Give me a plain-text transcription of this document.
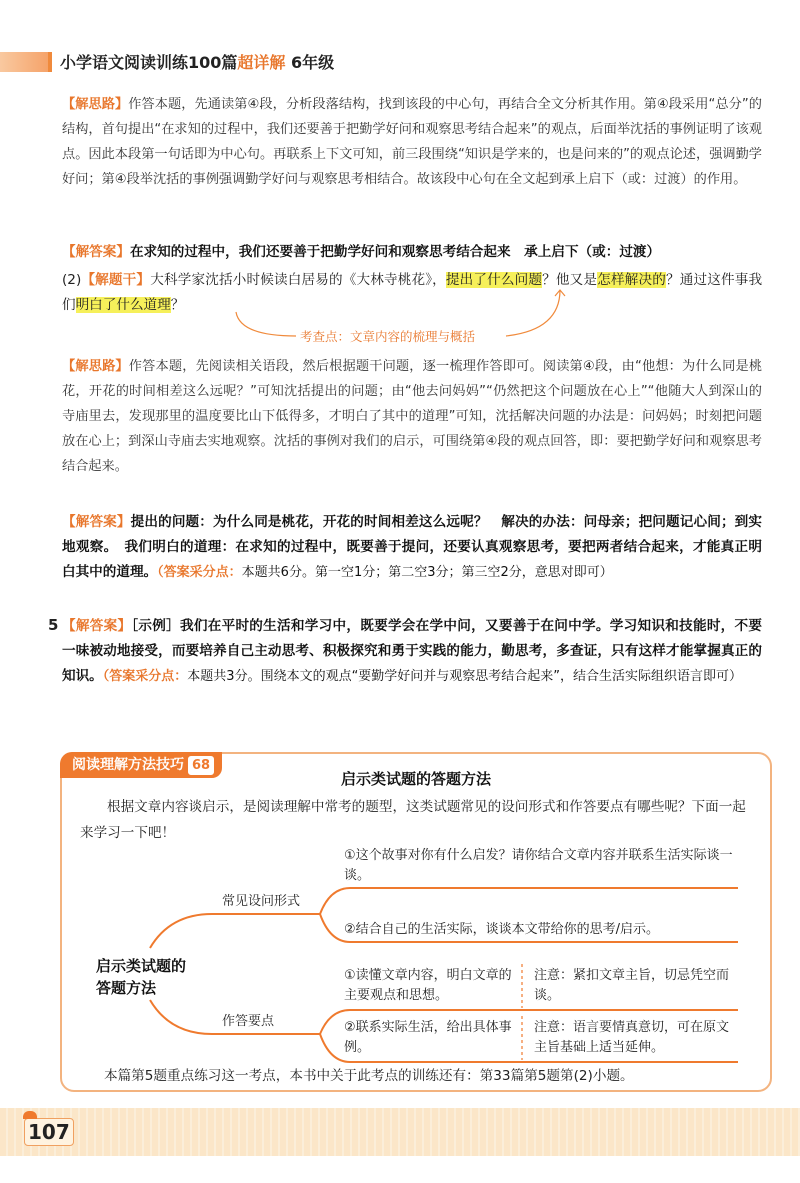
小学语文阅读训练100篇超详解 6年级
【解思路】作答本题，先通读第④段，分析段落结构，找到该段的中心句，再结合全文分析其作用。第④段采用“总分”的结构，首句提出“在求知的过程中，我们还要善于把勤学好问和观察思考结合起来”的观点，后面举沈括的事例证明了该观点。因此本段第一句话即为中心句。再联系上下文可知，前三段围绕“知识是学来的，也是问来的”的观点论述，强调勤学好问；第④段举沈括的事例强调勤学好问与观察思考相结合。故该段中心句在全文起到承上启下（或：过渡）的作用。
【解答案】在求知的过程中，我们还要善于把勤学好问和观察思考结合起来　承上启下（或：过渡）
(2)【解题干】大科学家沈括小时候读白居易的《大林寺桃花》，提出了什么问题？他又是怎样解决的？通过这件事我们明白了什么道理？
考查点：文章内容的梳理与概括
【解思路】作答本题，先阅读相关语段，然后根据题干问题，逐一梳理作答即可。阅读第④段，由“他想：为什么同是桃花，开花的时间相差这么远呢？”可知沈括提出的问题；由“他去问妈妈”“仍然把这个问题放在心上”“他随大人到深山的寺庙里去，发现那里的温度要比山下低得多，才明白了其中的道理”可知，沈括解决问题的办法是：问妈妈；时刻把问题放在心上；到深山寺庙去实地观察。沈括的事例对我们的启示，可围绕第④段的观点回答，即：要把勤学好问和观察思考结合起来。
【解答案】提出的问题：为什么同是桃花，开花的时间相差这么远呢？　解决的办法：问母亲；把问题记心间；到实地观察。　我们明白的道理：在求知的过程中，既要善于提问，还要认真观察思考，要把两者结合起来，才能真正明白其中的道理。（答案采分点：本题共6分。第一空1分；第二空3分；第三空2分，意思对即可）
5 【解答案】［示例］我们在平时的生活和学习中，既要学会在学中问，又要善于在问中学。学习知识和技能时，不要一味被动地接受，而要培养自己主动思考、积极探究和勇于实践的能力，勤思考，多查证，只有这样才能掌握真正的知识。（答案采分点：本题共3分。围绕本文的观点“要勤学好问并与观察思考结合起来”，结合生活实际组织语言即可）
阅读理解方法技巧 68
启示类试题的答题方法
根据文章内容谈启示，是阅读理解中常考的题型，这类试题常见的设问形式和作答要点有哪些呢？下面一起来学习一下吧！
启示类试题的答题方法
常见设问形式
①这个故事对你有什么启发？请你结合文章内容并联系生活实际谈一谈。
②结合自己的生活实际，谈谈本文带给你的思考/启示。
作答要点
①读懂文章内容，明白文章的主要观点和思想。
注意：紧扣文章主旨，切忌凭空而谈。
②联系实际生活，给出具体事例。
注意：语言要情真意切，可在原文主旨基础上适当延伸。
本篇第5题重点练习这一考点，本书中关于此考点的训练还有：第33篇第5题第(2)小题。
107
